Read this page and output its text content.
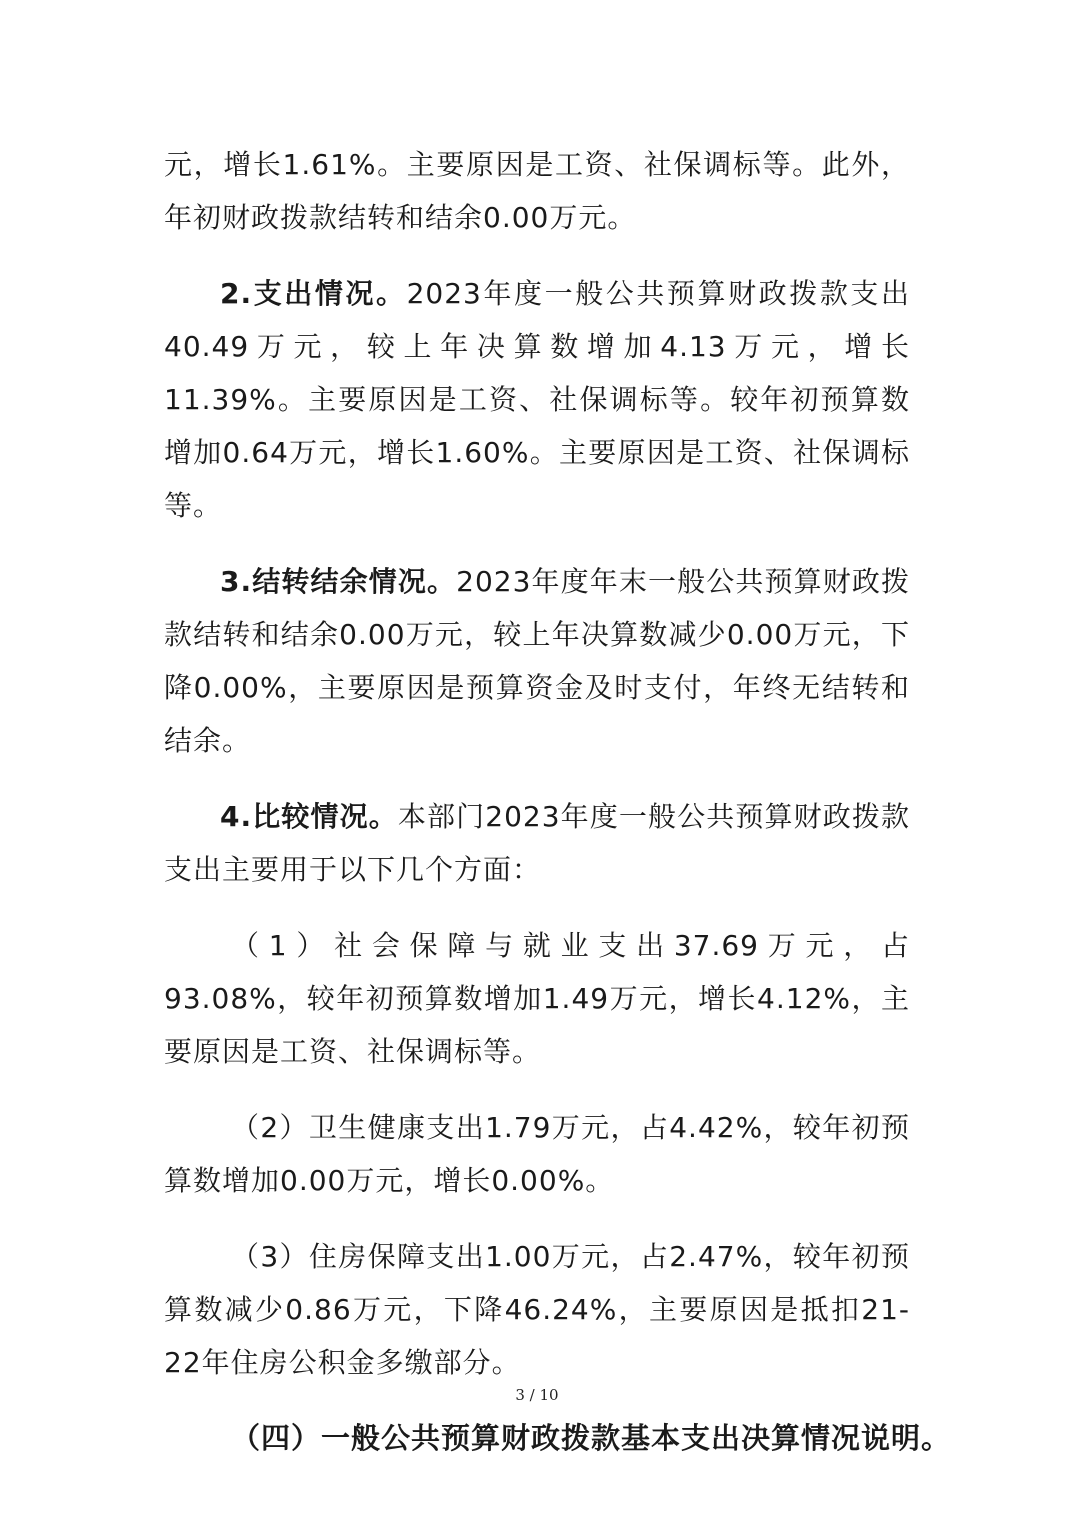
元，增长1.61%。主要原因是工资、社保调标等。此外，年初财政拨款结转和结余0.00万元。

2.支出情况。2023年度一般公共预算财政拨款支出40.49万元，较上年决算数增加4.13万元，增长11.39%。主要原因是工资、社保调标等。较年初预算数增加0.64万元，增长1.60%。主要原因是工资、社保调标等。

3.结转结余情况。2023年度年末一般公共预算财政拨款结转和结余0.00万元，较上年决算数减少0.00万元，下降0.00%，主要原因是预算资金及时支付，年终无结转和结余。

4.比较情况。本部门2023年度一般公共预算财政拨款支出主要用于以下几个方面：

（1）社会保障与就业支出37.69万元，占93.08%，较年初预算数增加1.49万元，增长4.12%，主要原因是工资、社保调标等。

（2）卫生健康支出1.79万元，占4.42%，较年初预算数增加0.00万元，增长0.00%。

（3）住房保障支出1.00万元，占2.47%，较年初预算数减少0.86万元，下降46.24%，主要原因是抵扣21-22年住房公积金多缴部分。

（四）一般公共预算财政拨款基本支出决算情况说明。

3 / 10
